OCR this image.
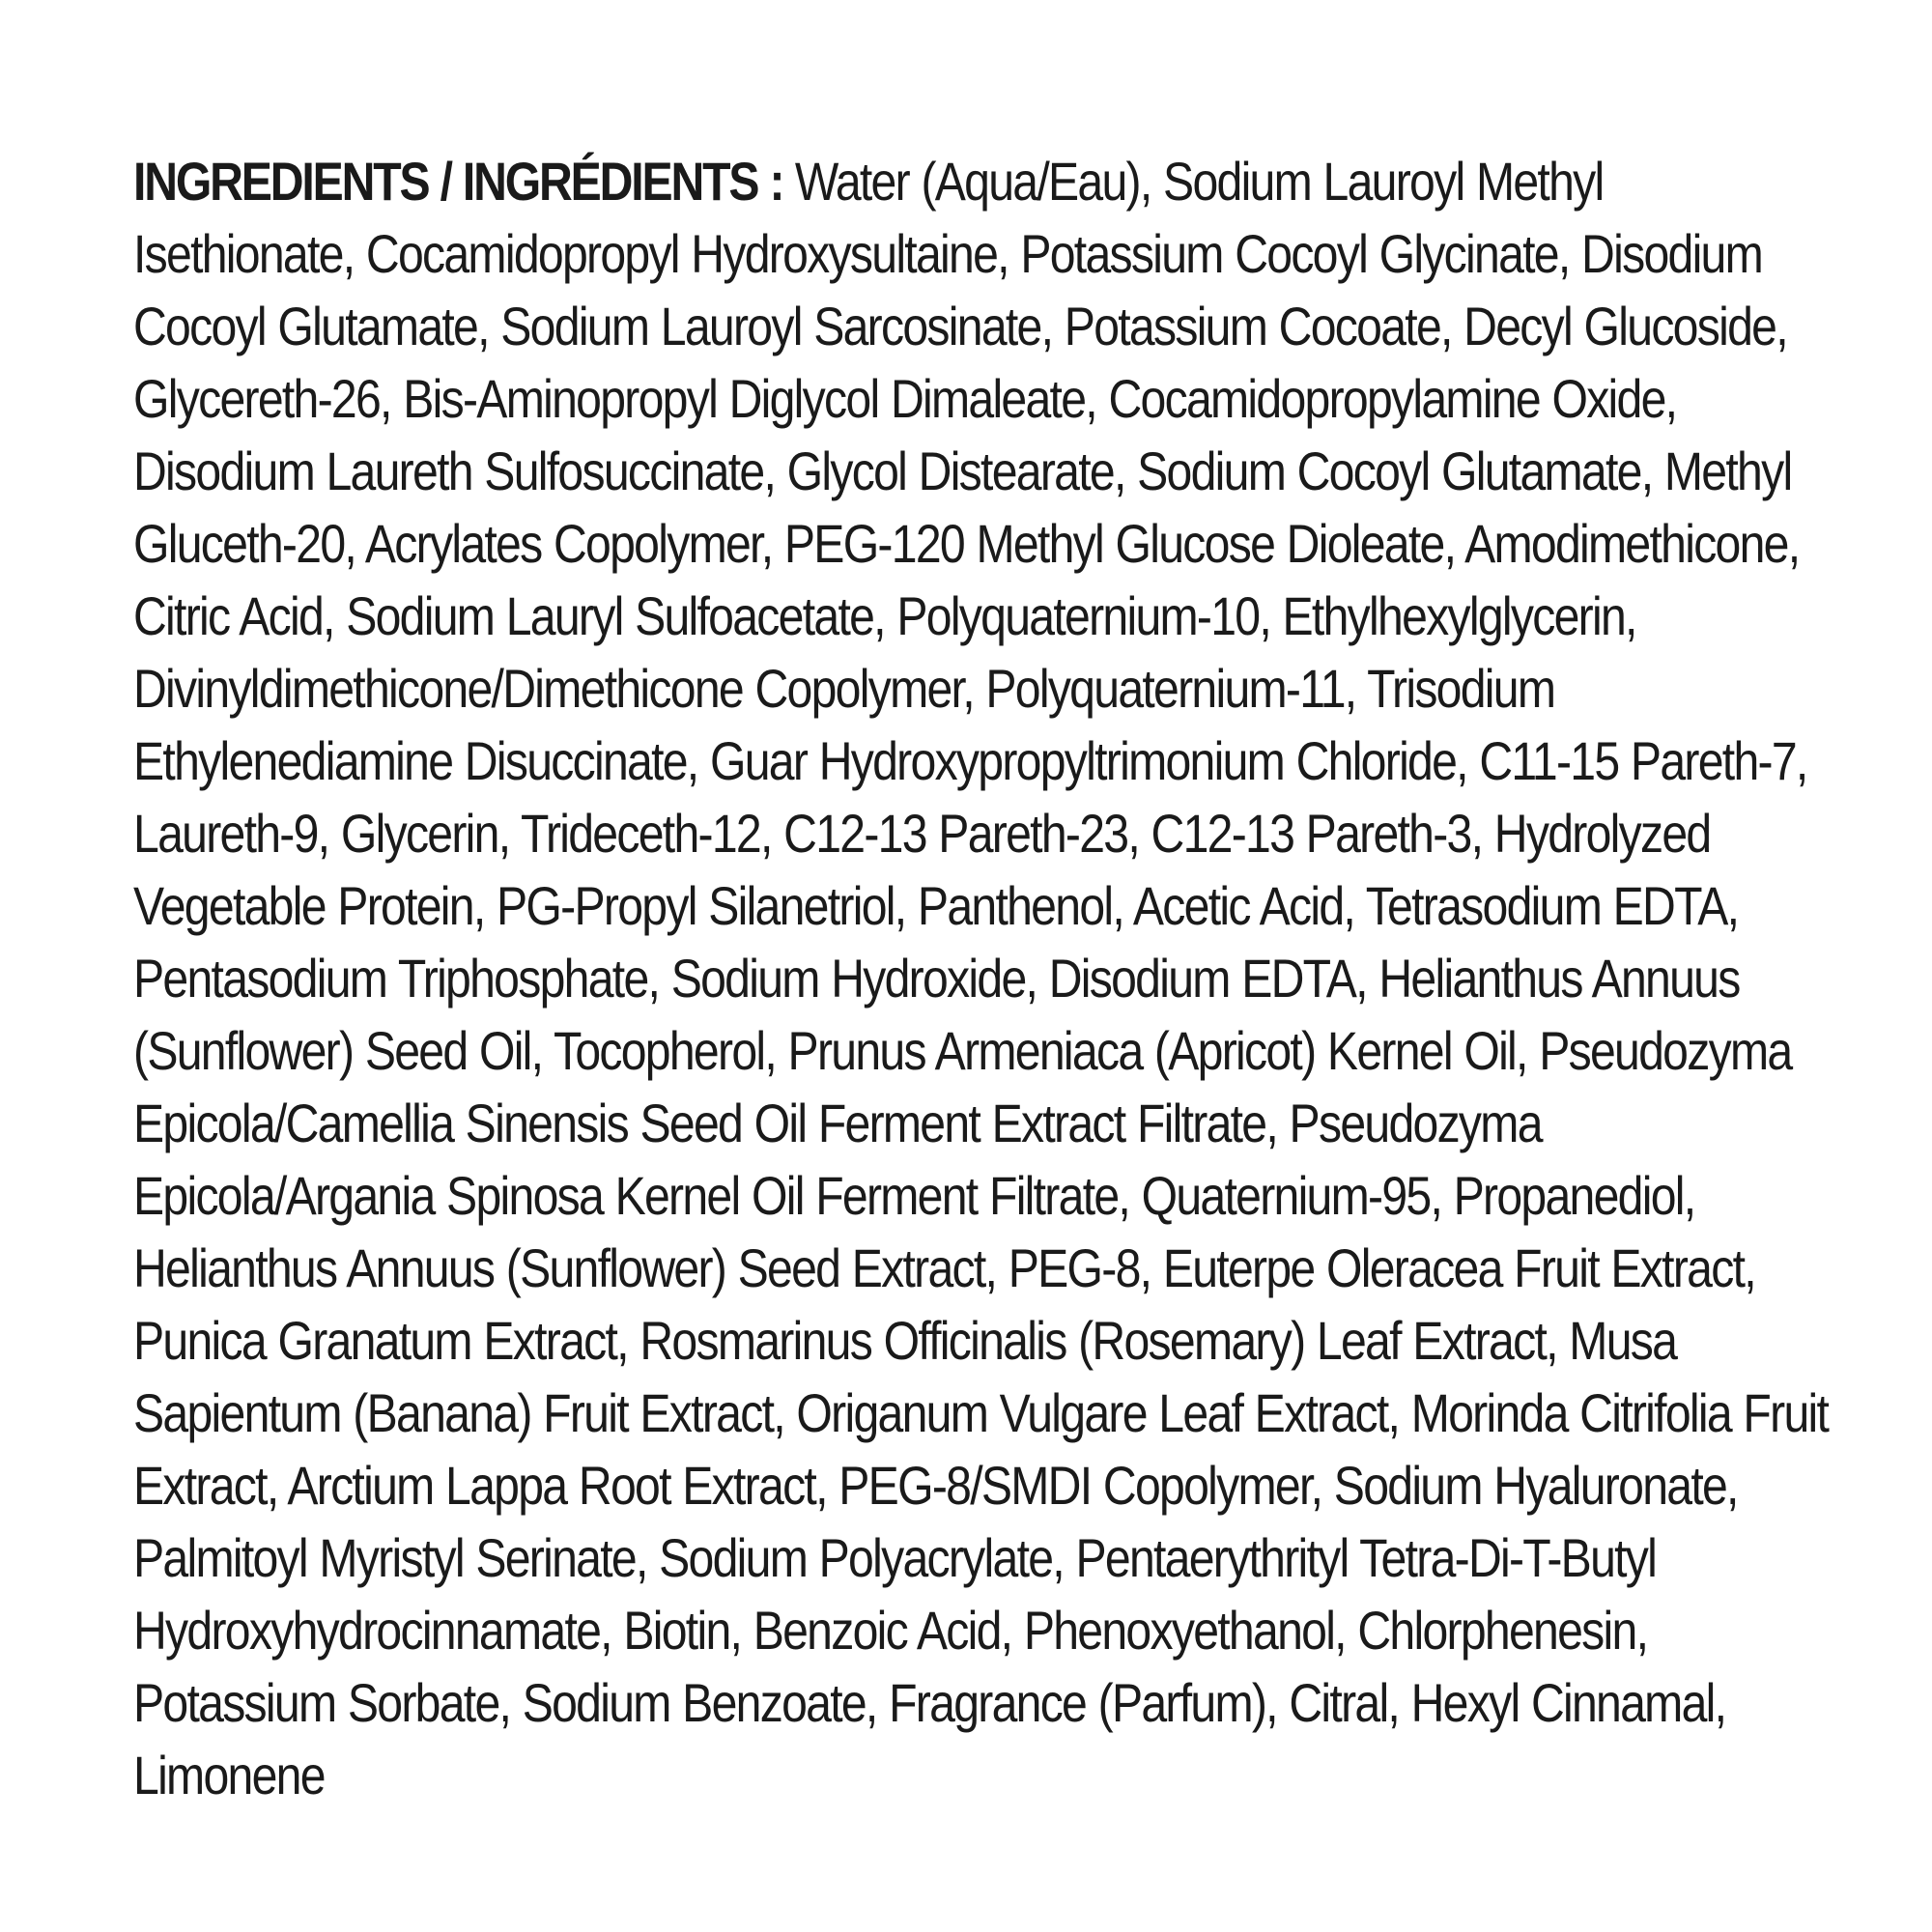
INGREDIENTS / INGRÉDIENTS : Water (Aqua/Eau), Sodium Lauroyl Methyl Isethionate, Cocamidopropyl Hydroxysultaine, Potassium Cocoyl Glycinate, Disodium Cocoyl Glutamate, Sodium Lauroyl Sarcosinate, Potassium Cocoate, Decyl Glucoside, Glycereth-26, Bis-Aminopropyl Diglycol Dimaleate, Cocamidopropylamine Oxide, Disodium Laureth Sulfosuccinate, Glycol Distearate, Sodium Cocoyl Glutamate, Methyl Gluceth-20, Acrylates Copolymer, PEG-120 Methyl Glucose Dioleate, Amodimethicone, Citric Acid, Sodium Lauryl Sulfoacetate, Polyquaternium-10, Ethylhexylglycerin, Divinyldimethicone/Dimethicone Copolymer, Polyquaternium-11, Trisodium Ethylenediamine Disuccinate, Guar Hydroxypropyltrimonium Chloride, C11-15 Pareth-7, Laureth-9, Glycerin, Trideceth-12, C12-13 Pareth-23, C12-13 Pareth-3, Hydrolyzed Vegetable Protein, PG-Propyl Silanetriol, Panthenol, Acetic Acid, Tetrasodium EDTA, Pentasodium Triphosphate, Sodium Hydroxide, Disodium EDTA, Helianthus Annuus (Sunflower) Seed Oil, Tocopherol, Prunus Armeniaca (Apricot) Kernel Oil, Pseudozyma Epicola/Camellia Sinensis Seed Oil Ferment Extract Filtrate, Pseudozyma Epicola/Argania Spinosa Kernel Oil Ferment Filtrate, Quaternium-95, Propanediol, Helianthus Annuus (Sunflower) Seed Extract, PEG-8, Euterpe Oleracea Fruit Extract, Punica Granatum Extract, Rosmarinus Officinalis (Rosemary) Leaf Extract, Musa Sapientum (Banana) Fruit Extract, Origanum Vulgare Leaf Extract, Morinda Citrifolia Fruit Extract, Arctium Lappa Root Extract, PEG-8/SMDI Copolymer, Sodium Hyaluronate, Palmitoyl Myristyl Serinate, Sodium Polyacrylate, Pentaerythrityl Tetra-Di-T-Butyl Hydroxyhydrocinnamate, Biotin, Benzoic Acid, Phenoxyethanol, Chlorphenesin, Potassium Sorbate, Sodium Benzoate, Fragrance (Parfum), Citral, Hexyl Cinnamal, Limonene
